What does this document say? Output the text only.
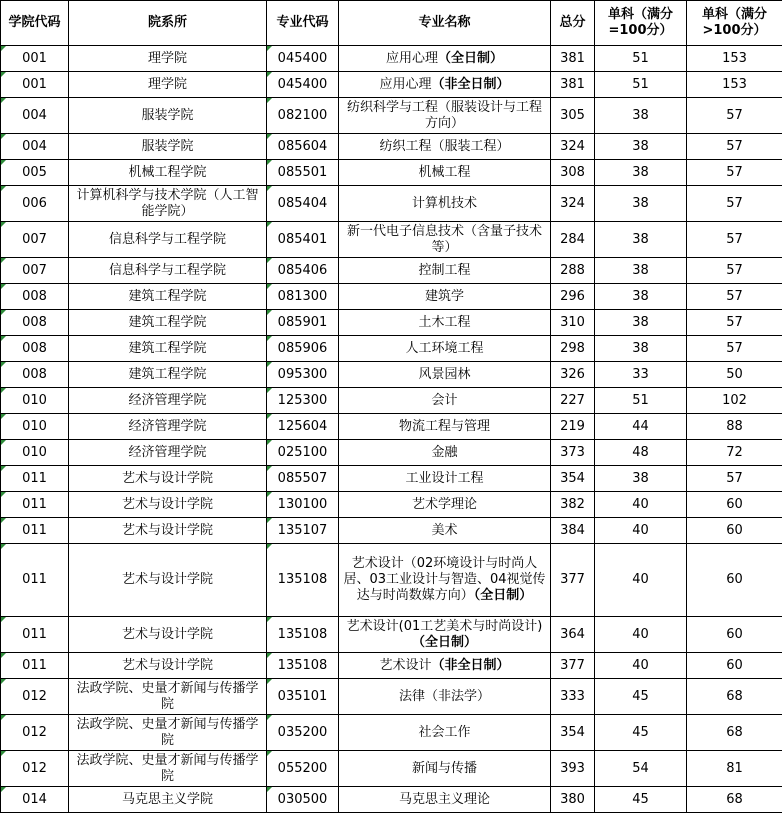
学院代码	院系所	专业代码	专业名称	总分	单科（满分=100分）	单科（满分>100分）
001	理学院	045400	应用心理（全日制）	381	51	153
001	理学院	045400	应用心理（非全日制）	381	51	153
004	服装学院	082100	纺织科学与工程（服装设计与工程方向）	305	38	57
004	服装学院	085604	纺织工程（服装工程）	324	38	57
005	机械工程学院	085501	机械工程	308	38	57
006	计算机科学与技术学院（人工智能学院）	085404	计算机技术	324	38	57
007	信息科学与工程学院	085401	新一代电子信息技术（含量子技术等）	284	38	57
007	信息科学与工程学院	085406	控制工程	288	38	57
008	建筑工程学院	081300	建筑学	296	38	57
008	建筑工程学院	085901	土木工程	310	38	57
008	建筑工程学院	085906	人工环境工程	298	38	57
008	建筑工程学院	095300	风景园林	326	33	50
010	经济管理学院	125300	会计	227	51	102
010	经济管理学院	125604	物流工程与管理	219	44	88
010	经济管理学院	025100	金融	373	48	72
011	艺术与设计学院	085507	工业设计工程	354	38	57
011	艺术与设计学院	130100	艺术学理论	382	40	60
011	艺术与设计学院	135107	美术	384	40	60
011	艺术与设计学院	135108	艺术设计（02环境设计与时尚人居、03工业设计与智造、04视觉传达与时尚数媒方向）（全日制）	377	40	60
011	艺术与设计学院	135108	艺术设计(01工艺美术与时尚设计)（全日制）	364	40	60
011	艺术与设计学院	135108	艺术设计（非全日制）	377	40	60
012	法政学院、史量才新闻与传播学院	035101	法律（非法学）	333	45	68
012	法政学院、史量才新闻与传播学院	035200	社会工作	354	45	68
012	法政学院、史量才新闻与传播学院	055200	新闻与传播	393	54	81
014	马克思主义学院	030500	马克思主义理论	380	45	68
